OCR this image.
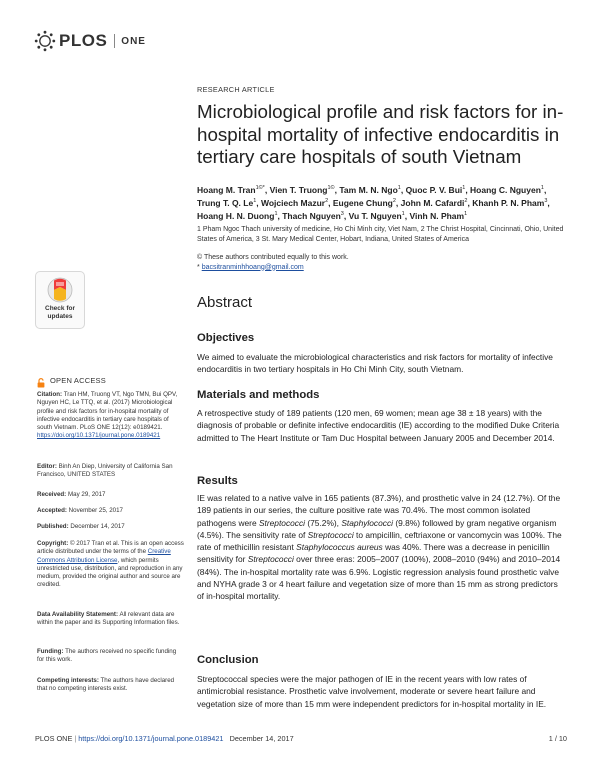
PLOS ONE
Check for
updates
OPEN ACCESS
Citation: Tran HM, Truong VT, Ngo TMN, Bui QPV, Nguyen HC, Le TTQ, et al. (2017) Microbiological profile and risk factors for in-hospital mortality of infective endocarditis in tertiary care hospitals of south Vietnam. PLoS ONE 12(12): e0189421. https://doi.org/10.1371/journal.pone.0189421
Editor: Binh An Diep, University of California San Francisco, UNITED STATES
Received: May 29, 2017
Accepted: November 25, 2017
Published: December 14, 2017
Copyright: © 2017 Tran et al. This is an open access article distributed under the terms of the Creative Commons Attribution License, which permits unrestricted use, distribution, and reproduction in any medium, provided the original author and source are credited.
Data Availability Statement: All relevant data are within the paper and its Supporting Information files.
Funding: The authors received no specific funding for this work.
Competing interests: The authors have declared that no competing interests exist.
RESEARCH ARTICLE
Microbiological profile and risk factors for in-hospital mortality of infective endocarditis in tertiary care hospitals of south Vietnam
Hoang M. Tran$^{1©*}$, Vien T. Truong$^{1©}$, Tam M. N. Ngo$^1$, Quoc P. V. Bui$^1$, Hoang C. Nguyen$^1$, Trung T. Q. Le$^1$, Wojciech Mazur$^2$, Eugene Chung$^2$, John M. Cafardi$^2$, Khanh P. N. Pham$^3$, Hoang H. N. Duong$^1$, Thach Nguyen$^3$, Vu T. Nguyen$^1$, Vinh N. Pham$^1$
1 Pham Ngoc Thach university of medicine, Ho Chi Minh city, Viet Nam, 2 The Christ Hospital, Cincinnati, Ohio, United States of America, 3 St. Mary Medical Center, Hobart, Indiana, United States of America
© These authors contributed equally to this work.
* bacsitranminhhoang@gmail.com
Abstract
Objectives
We aimed to evaluate the microbiological characteristics and risk factors for mortality of infective endocarditis in two tertiary hospitals in Ho Chi Minh City, south Vietnam.
Materials and methods
A retrospective study of 189 patients (120 men, 69 women; mean age 38 ± 18 years) with the diagnosis of probable or definite infective endocarditis (IE) according to the modified Duke Criteria admitted to The Heart Institute or Tam Duc Hospital between January 2005 and December 2014.
Results
IE was related to a native valve in 165 patients (87.3%), and prosthetic valve in 24 (12.7%). Of the 189 patients in our series, the culture positive rate was 70.4%. The most common isolated pathogens were Streptococci (75.2%), Staphylococci (9.8%) followed by gram negative organism (4.5%). The sensitivity rate of Streptococci to ampicillin, ceftriaxone or vancomycin was 100%. The rate of methicillin resistant Staphylococcus aureus was 40%. There was a decrease in penicillin sensitivity for Streptococci over three eras: 2005–2007 (100%), 2008–2010 (94%) and 2010–2014 (84%). The in-hospital mortality rate was 6.9%. Logistic regression analysis found prosthetic valve and NYHA grade 3 or 4 heart failure and vegetation size of more than 15 mm as strong predictors of in-hospital mortality.
Conclusion
Streptococcal species were the major pathogen of IE in the recent years with low rates of antimicrobial resistance. Prosthetic valve involvement, moderate or severe heart failure and vegetation size of more than 15 mm were independent predictors for in-hospital mortality in IE.
PLOS ONE | https://doi.org/10.1371/journal.pone.0189421 December 14, 2017	1 / 10
